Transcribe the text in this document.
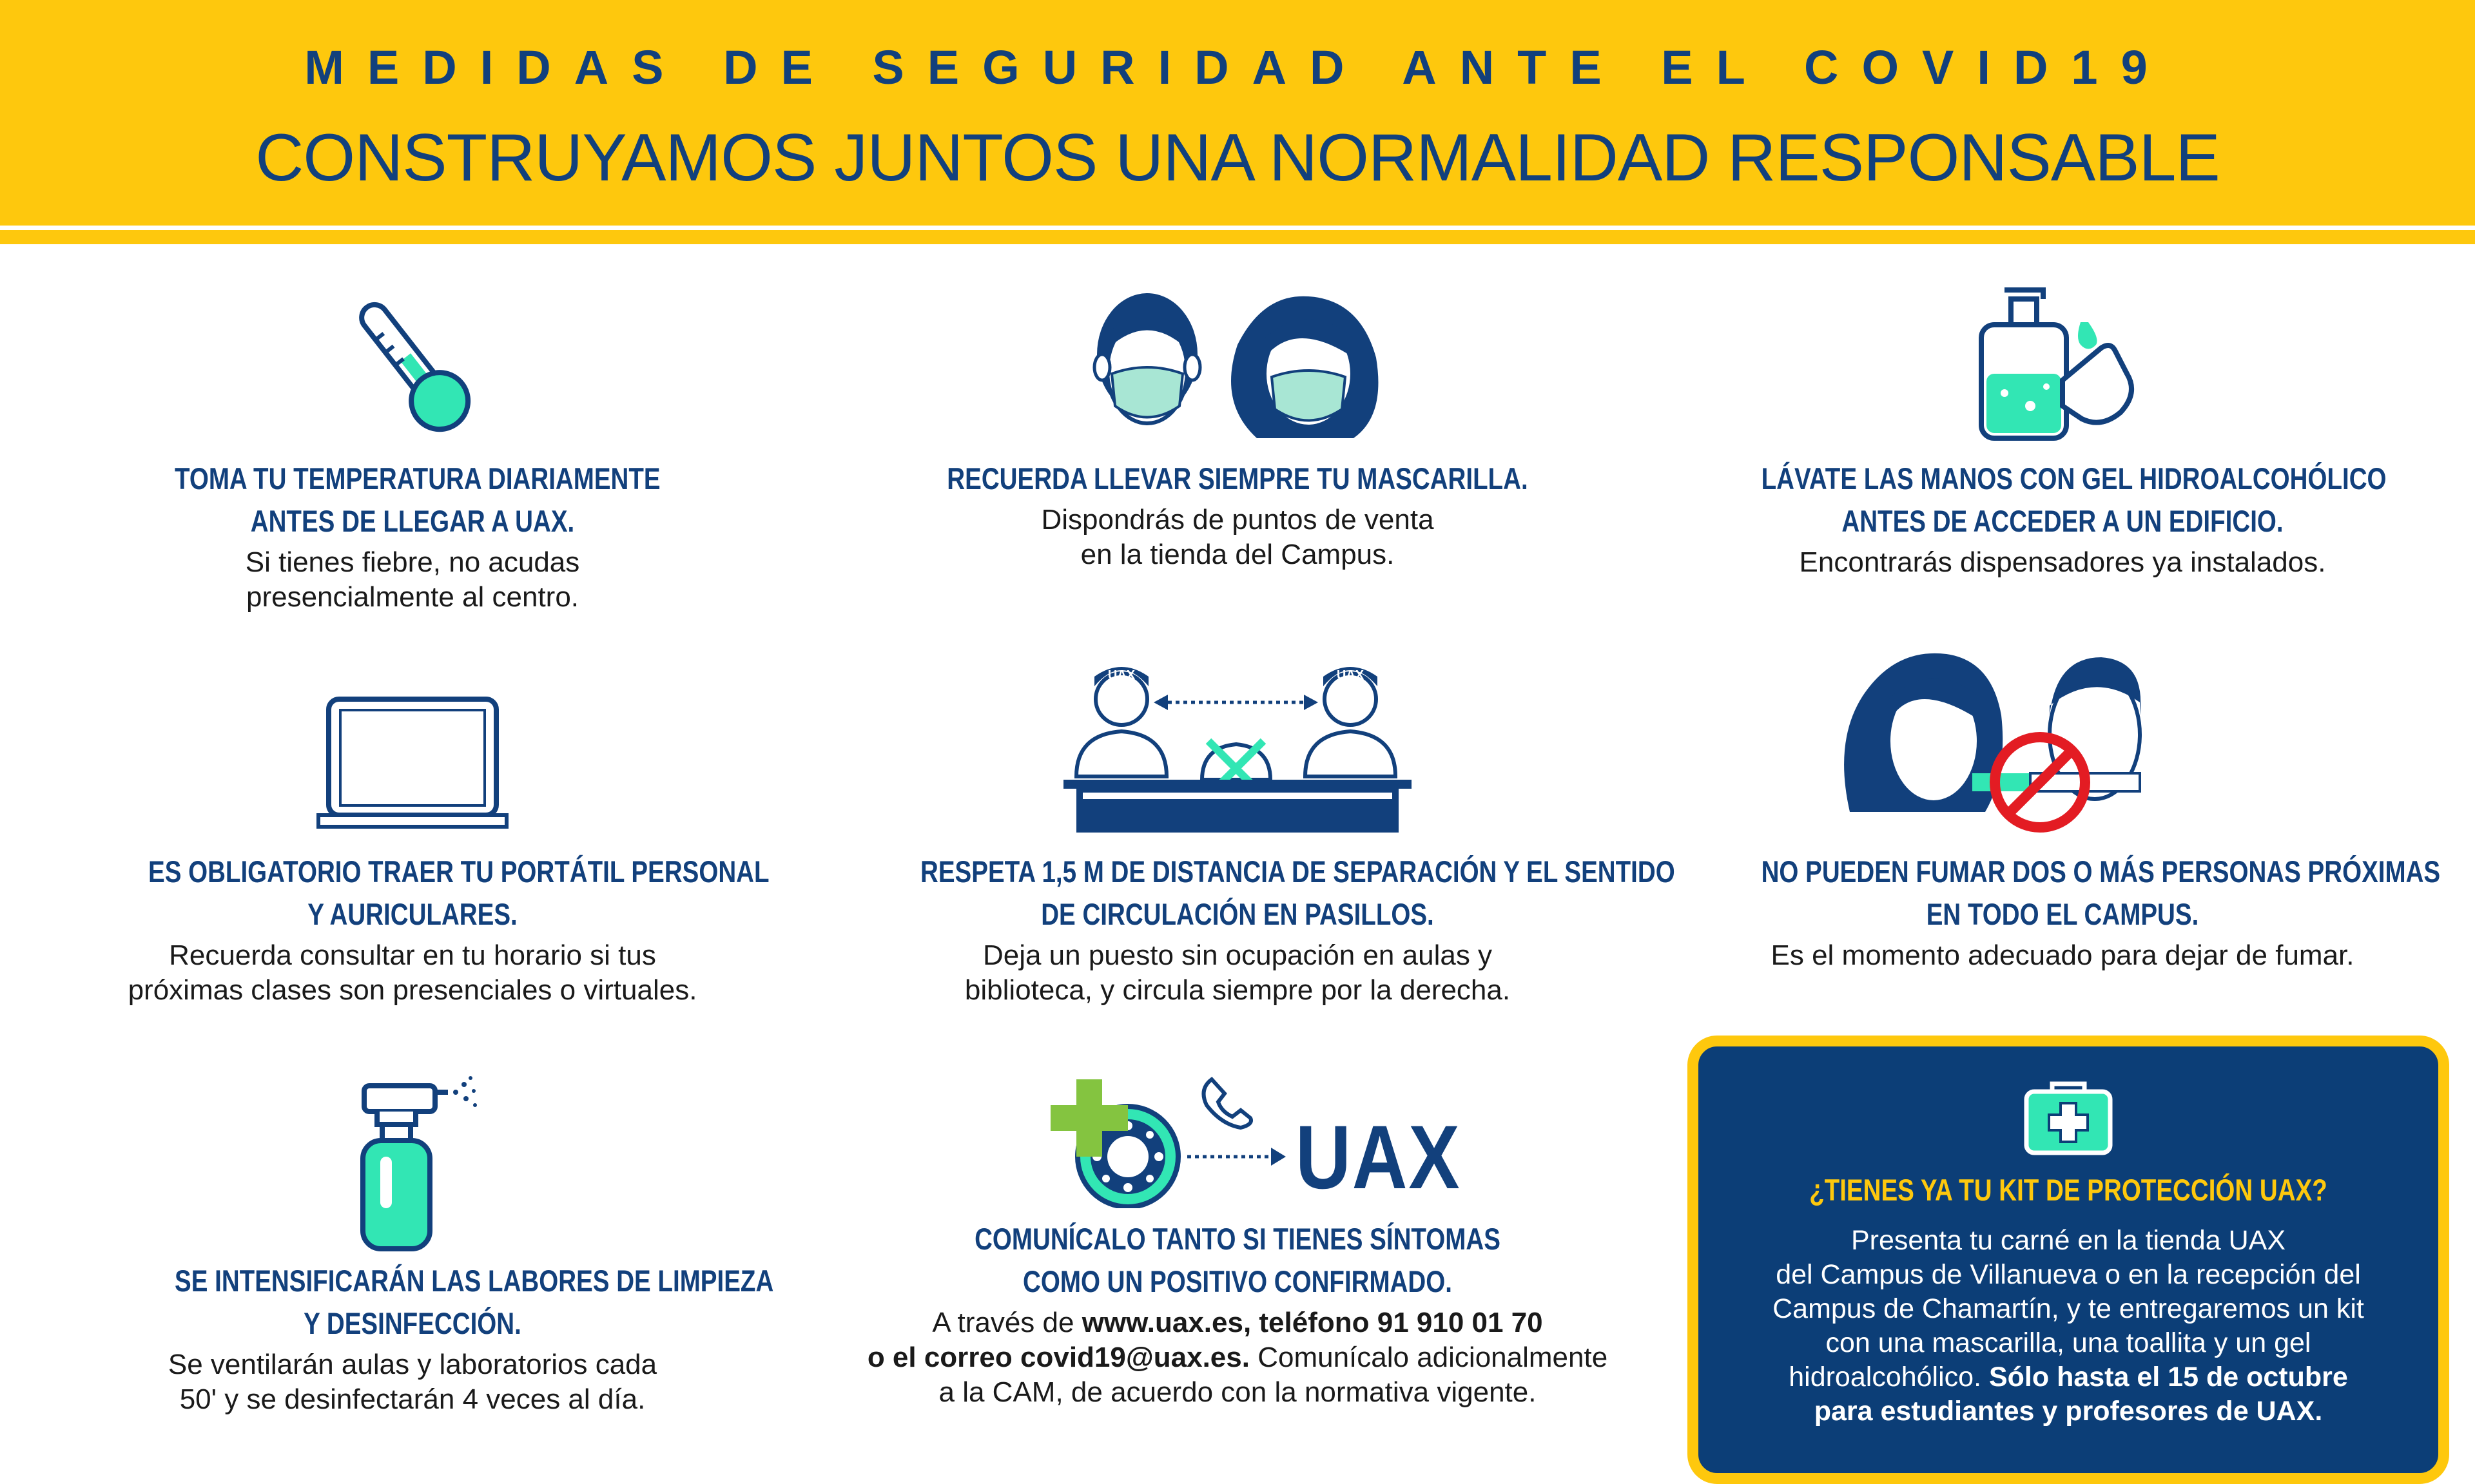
MEDIDAS DE SEGURIDAD ANTE EL COVID19
CONSTRUYAMOS JUNTOS UNA NORMALIDAD RESPONSABLE
TOMA TU TEMPERATURA DIARIAMENTE
ANTES DE LLEGAR A UAX.
Si tienes fiebre, no acudas
presencialmente al centro.
RECUERDA LLEVAR SIEMPRE TU MASCARILLA.
Dispondrás de puntos de venta
en la tienda del Campus.
LÁVATE LAS MANOS CON GEL HIDROALCOHÓLICO
ANTES DE ACCEDER A UN EDIFICIO.
Encontrarás dispensadores ya instalados.
ES OBLIGATORIO TRAER TU PORTÁTIL PERSONAL
Y AURICULARES.
Recuerda consultar en tu horario si tus
próximas clases son presenciales o virtuales.
UAX	UAX
RESPETA 1,5 M DE DISTANCIA DE SEPARACIÓN Y EL SENTIDO
DE CIRCULACIÓN EN PASILLOS.
Deja un puesto sin ocupación en aulas y
biblioteca, y circula siempre por la derecha.
NO PUEDEN FUMAR DOS O MÁS PERSONAS PRÓXIMAS
EN TODO EL CAMPUS.
Es el momento adecuado para dejar de fumar.
SE INTENSIFICARÁN LAS LABORES DE LIMPIEZA
Y DESINFECCIÓN.
Se ventilarán aulas y laboratorios cada
50' y se desinfectarán 4 veces al día.
UAX
COMUNÍCALO TANTO SI TIENES SÍNTOMAS
COMO UN POSITIVO CONFIRMADO.
A través de www.uax.es, teléfono 91 910 01 70
o el correo covid19@uax.es. Comunícalo adicionalmente
a la CAM, de acuerdo con la normativa vigente.
¿TIENES YA TU KIT DE PROTECCIÓN UAX?
Presenta tu carné en la tienda UAX
del Campus de Villanueva o en la recepción del
Campus de Chamartín, y te entregaremos un kit
con una mascarilla, una toallita y un gel
hidroalcohólico. Sólo hasta el 15 de octubre
para estudiantes y profesores de UAX.
